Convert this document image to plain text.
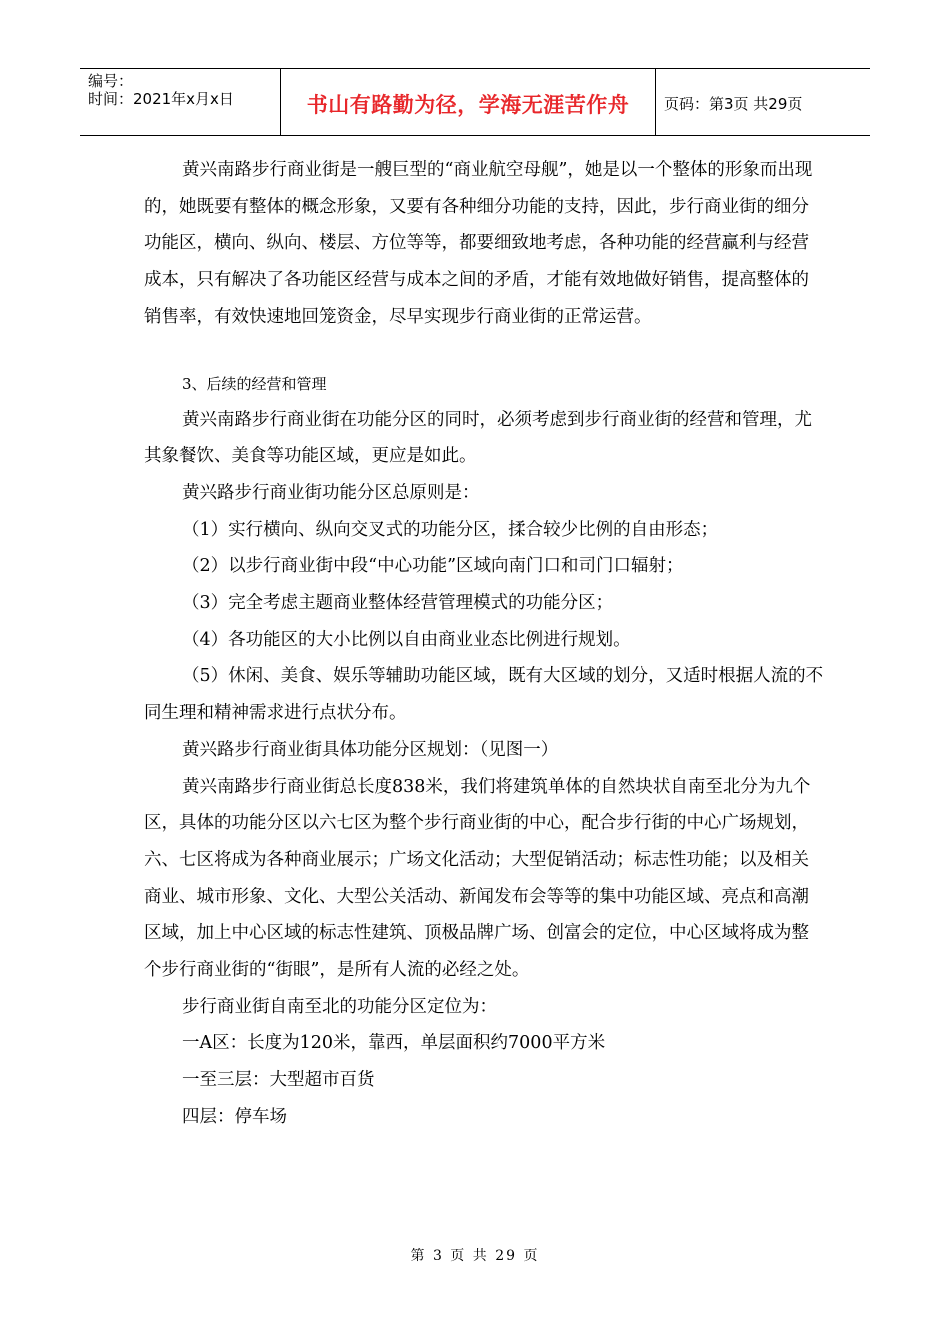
编号：
时间：2021年x月x日	书山有路勤为径，学海无涯苦作舟	页码：第3页 共29页

黄兴南路步行商业街是一艘巨型的“商业航空母舰”，她是以一个整体的形象而出现的，她既要有整体的概念形象，又要有各种细分功能的支持，因此，步行商业街的细分功能区，横向、纵向、楼层、方位等等，都要细致地考虑，各种功能的经营赢利与经营成本，只有解决了各功能区经营与成本之间的矛盾，才能有效地做好销售，提高整体的销售率，有效快速地回笼资金，尽早实现步行商业街的正常运营。

3、后续的经营和管理

黄兴南路步行商业街在功能分区的同时，必须考虑到步行商业街的经营和管理，尤其象餐饮、美食等功能区域，更应是如此。

黄兴路步行商业街功能分区总原则是：

（1）实行横向、纵向交叉式的功能分区，揉合较少比例的自由形态；

（2）以步行商业街中段“中心功能”区域向南门口和司门口辐射；

（3）完全考虑主题商业整体经营管理模式的功能分区；

（4）各功能区的大小比例以自由商业业态比例进行规划。

（5）休闲、美食、娱乐等辅助功能区域，既有大区域的划分，又适时根据人流的不同生理和精神需求进行点状分布。

黄兴路步行商业街具体功能分区规划：（见图一）

黄兴南路步行商业街总长度838米，我们将建筑单体的自然块状自南至北分为九个区，具体的功能分区以六七区为整个步行商业街的中心，配合步行街的中心广场规划，六、七区将成为各种商业展示；广场文化活动；大型促销活动；标志性功能；以及相关商业、城市形象、文化、大型公关活动、新闻发布会等等的集中功能区域、亮点和高潮区域，加上中心区域的标志性建筑、顶极品牌广场、创富会的定位，中心区域将成为整个步行商业街的“街眼”，是所有人流的必经之处。

步行商业街自南至北的功能分区定位为：

一A区：长度为120米，靠西，单层面积约7000平方米

一至三层：大型超市百货

四层：停车场

第 3 页 共 29 页
